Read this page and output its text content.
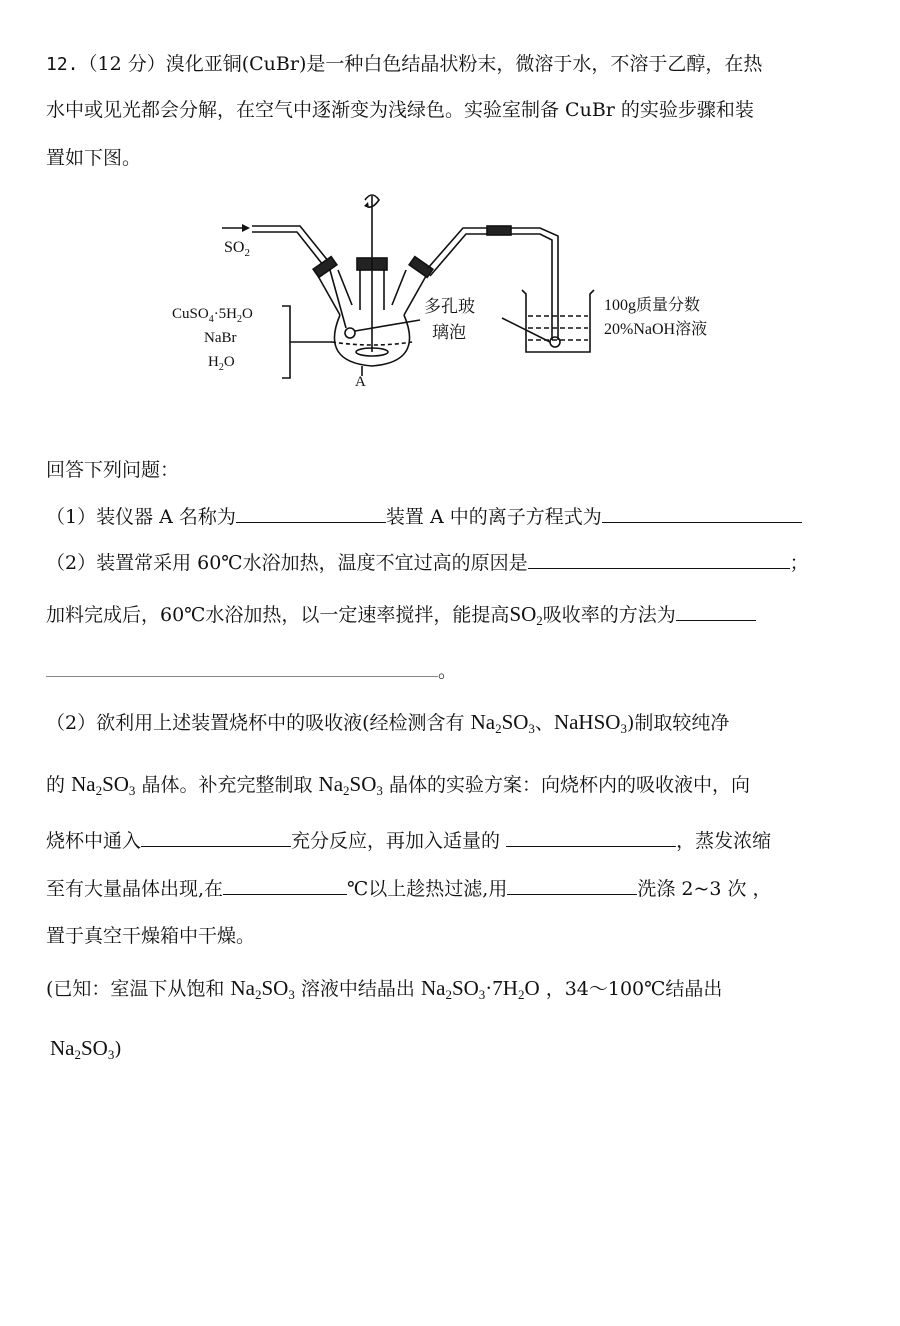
12.（12 分）溴化亚铜(CuBr)是一种白色结晶状粉末，微溶于水，不溶于乙醇，在热
水中或见光都会分解，在空气中逐渐变为浅绿色。实验室制备 CuBr 的实验步骤和装
置如下图。
$SO_2$
$CuSO_4\cdot 5H_2O$
NaBr
$H_2O$
A
多孔玻
璃泡
100g质量分数
20%NaOH溶液
回答下列问题：
（1）装仪器 A 名称为	装置 A 中的离子方程式为
（2）装置常采用 60℃水浴加热，温度不宜过高的原因是	；
加料完成后，60℃水浴加热，以一定速率搅拌，能提高$SO_2$吸收率的方法为
。
（2）欲利用上述装置烧杯中的吸收液(经检测含有 $Na_2SO_3$、NaHSO$_3$)制取较纯净
的 $Na_2SO_3$ 晶体。补充完整制取 $Na_2SO_3$ 晶体的实验方案：向烧杯内的吸收液中，向
烧杯中通入	充分反应，再加入适量的	，蒸发浓缩
至有大量晶体出现,在	℃以上趁热过滤,用	洗涤 2~3 次 ，
置于真空干燥箱中干燥。
(已知：室温下从饱和 $Na_2SO_3$ 溶液中结晶出 $Na_2SO_3\cdot 7H_2O$ ，34～100℃结晶出
$Na_2SO_3$)
